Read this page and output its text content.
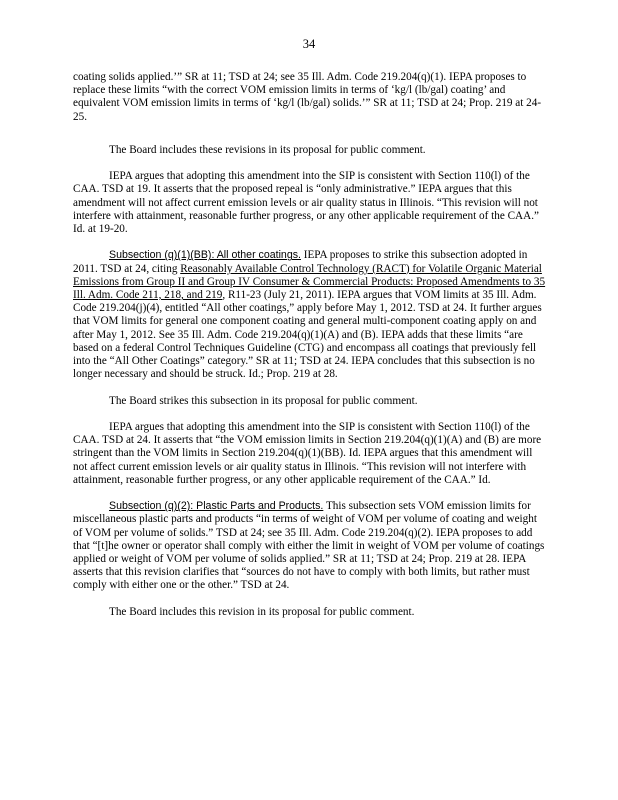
34

coating solids applied.’” SR at 11; TSD at 24; see 35 Ill. Adm. Code 219.204(q)(1). IEPA proposes to replace these limits “with the correct VOM emission limits in terms of ‘kg/l (lb/gal) coating’ and equivalent VOM emission limits in terms of ‘kg/l (lb/gal) solids.’” SR at 11; TSD at 24; Prop. 219 at 24-25.

The Board includes these revisions in its proposal for public comment.

IEPA argues that adopting this amendment into the SIP is consistent with Section 110(l) of the CAA. TSD at 19. It asserts that the proposed repeal is “only administrative.” IEPA argues that this amendment will not affect current emission levels or air quality status in Illinois. “This revision will not interfere with attainment, reasonable further progress, or any other applicable requirement of the CAA.” Id. at 19-20.

Subsection (q)(1)(BB): All other coatings. IEPA proposes to strike this subsection adopted in 2011. TSD at 24, citing Reasonably Available Control Technology (RACT) for Volatile Organic Material Emissions from Group II and Group IV Consumer & Commercial Products: Proposed Amendments to 35 Ill. Adm. Code 211, 218, and 219, R11-23 (July 21, 2011). IEPA argues that VOM limits at 35 Ill. Adm. Code 219.204(j)(4), entitled “All other coatings,” apply before May 1, 2012. TSD at 24. It further argues that VOM limits for general one component coating and general multi-component coating apply on and after May 1, 2012. See 35 Ill. Adm. Code 219.204(q)(1)(A) and (B). IEPA adds that these limits “are based on a federal Control Techniques Guideline (CTG) and encompass all coatings that previously fell into the “All Other Coatings” category.” SR at 11; TSD at 24. IEPA concludes that this subsection is no longer necessary and should be struck. Id.; Prop. 219 at 28.

The Board strikes this subsection in its proposal for public comment.

IEPA argues that adopting this amendment into the SIP is consistent with Section 110(l) of the CAA. TSD at 24. It asserts that “the VOM emission limits in Section 219.204(q)(1)(A) and (B) are more stringent than the VOM limits in Section 219.204(q)(1)(BB). Id. IEPA argues that this amendment will not affect current emission levels or air quality status in Illinois. “This revision will not interfere with attainment, reasonable further progress, or any other applicable requirement of the CAA.” Id.

Subsection (q)(2): Plastic Parts and Products. This subsection sets VOM emission limits for miscellaneous plastic parts and products “in terms of weight of VOM per volume of coating and weight of VOM per volume of solids.” TSD at 24; see 35 Ill. Adm. Code 219.204(q)(2). IEPA proposes to add that “[t]he owner or operator shall comply with either the limit in weight of VOM per volume of coatings applied or weight of VOM per volume of solids applied.” SR at 11; TSD at 24; Prop. 219 at 28. IEPA asserts that this revision clarifies that “sources do not have to comply with both limits, but rather must comply with either one or the other.” TSD at 24.

The Board includes this revision in its proposal for public comment.
